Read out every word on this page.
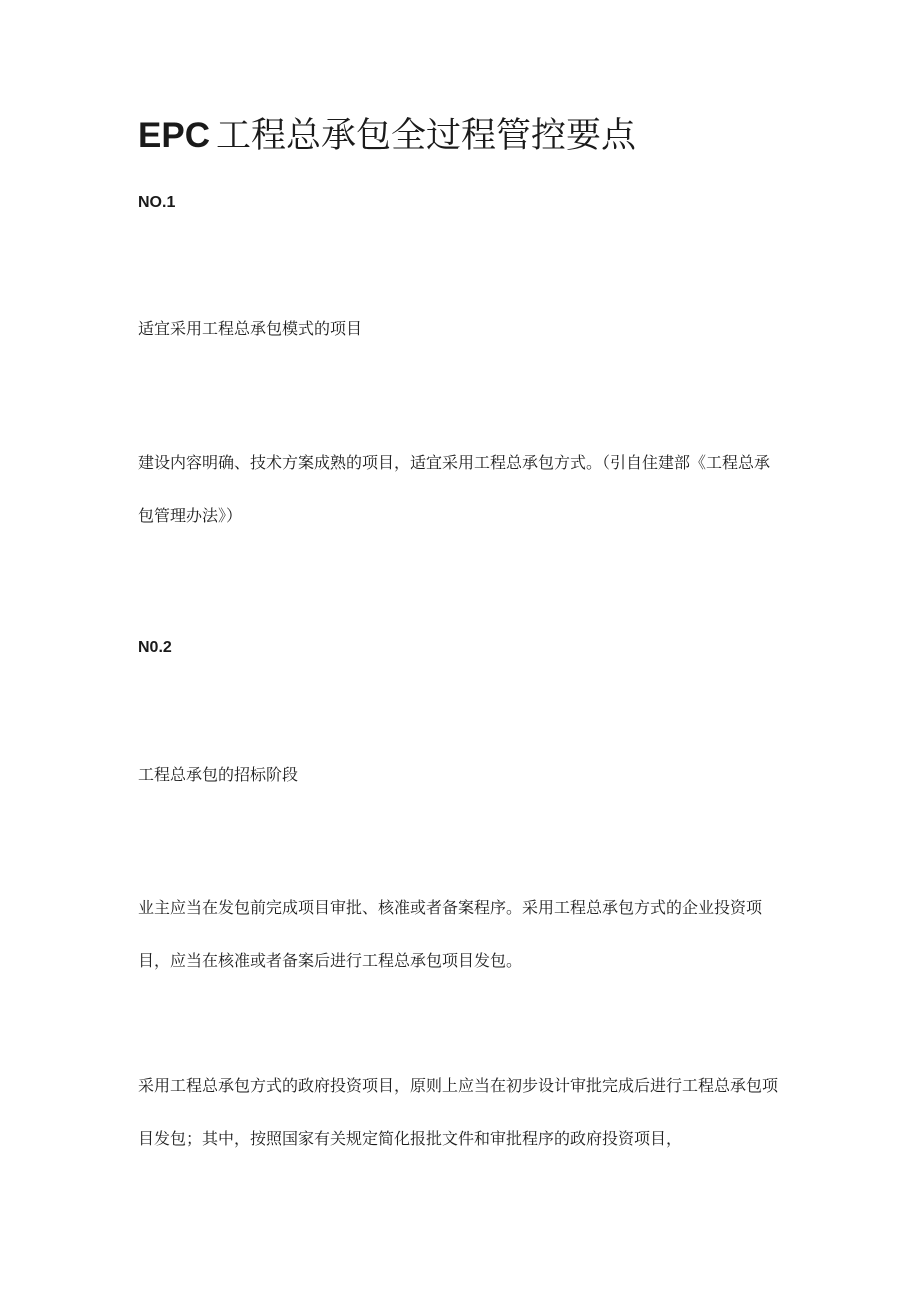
EPC 工程总承包全过程管控要点
NO.1
适宜采用工程总承包模式的项目

建设内容明确、技术方案成熟的项目，适宜采用工程总承包方式。（引自住建部《工程总承包管理办法》）

N0.2
工程总承包的招标阶段

业主应当在发包前完成项目审批、核准或者备案程序。采用工程总承包方式的企业投资项目，应当在核准或者备案后进行工程总承包项目发包。

采用工程总承包方式的政府投资项目，原则上应当在初步设计审批完成后进行工程总承包项目发包；其中，按照国家有关规定简化报批文件和审批程序的政府投资项目，
